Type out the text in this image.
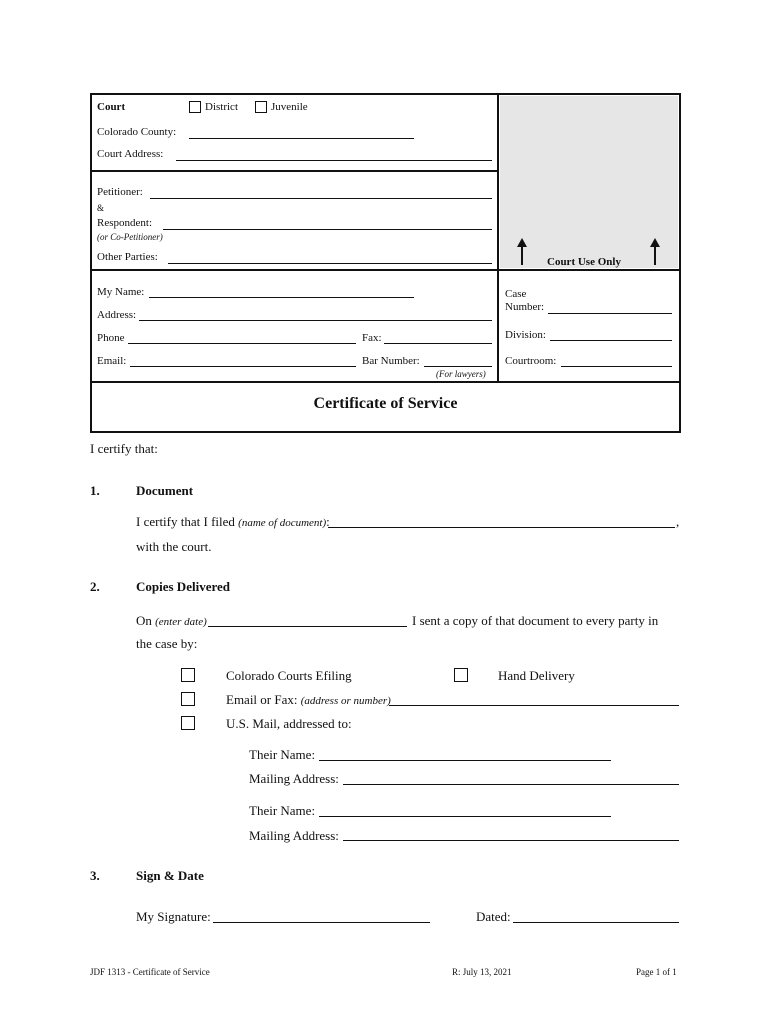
Court	District	Juvenile
Colorado County:
Court Address:
Petitioner:
&
Respondent:
(or Co-Petitioner)
Other Parties:	Court Use Only
My Name:
Address:
Phone	Fax:
Email:	Bar Number:
(For lawyers)
Case
Number:
Division:
Courtroom:
Certificate of Service
I certify that:
1.	Document
I certify that I filed (name of document):	,
with the court.
2.	Copies Delivered
On (enter date)	I sent a copy of that document to every party in
the case by:
Colorado Courts Efiling	Hand Delivery
Email or Fax: (address or number)
U.S. Mail, addressed to:
Their Name:
Mailing Address:
Their Name:
Mailing Address:
3.	Sign & Date
My Signature:	Dated:
JDF 1313 - Certificate of Service	R: July 13, 2021	Page 1 of 1
